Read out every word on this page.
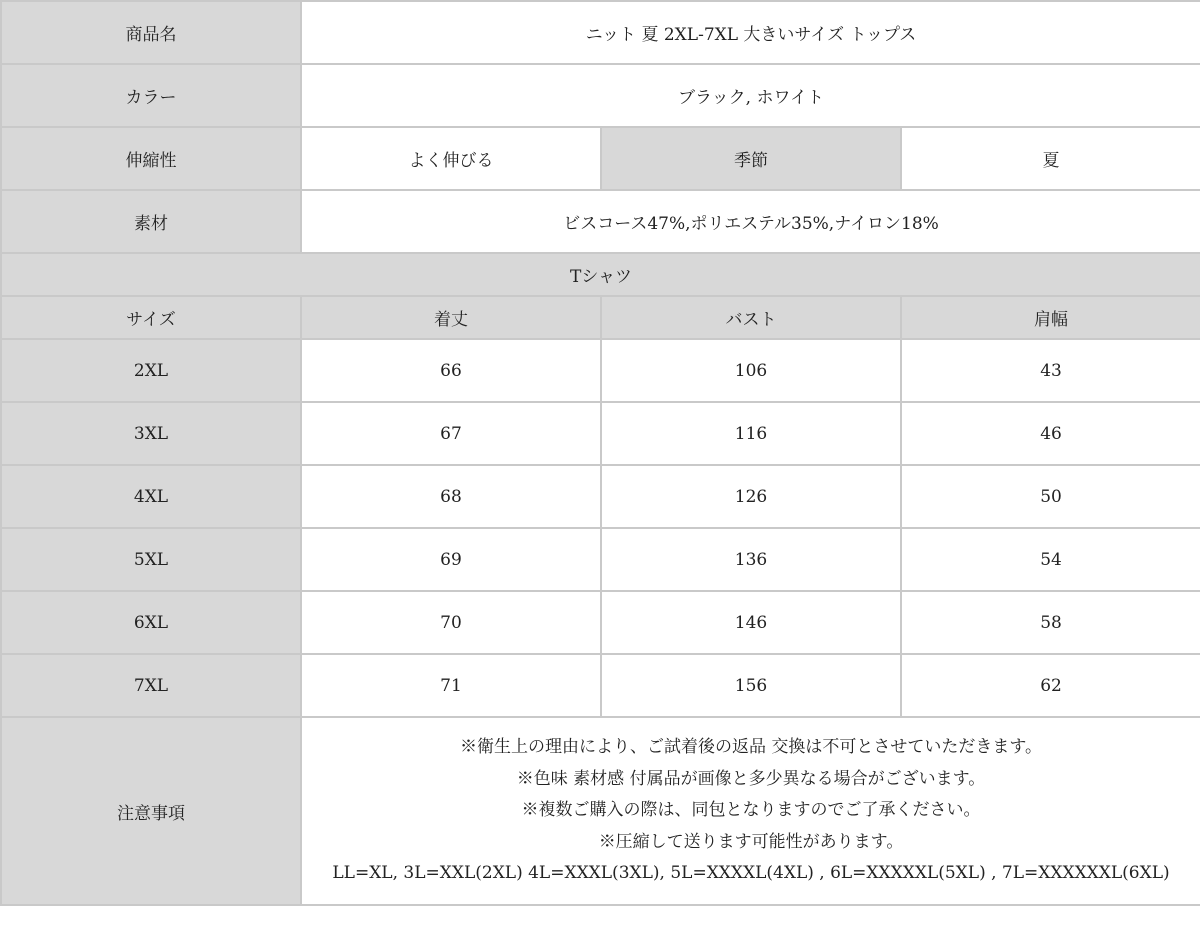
商品名	ニット 夏 2XL-7XL 大きいサイズ トップス		
カラー	ブラック, ホワイト		
伸縮性	よく伸びる	季節	夏
素材	ビスコース47%,ポリエステル35%,ナイロン18%		
Tシャツ			
サイズ	着丈	バスト	肩幅
2XL	66	106	43
3XL	67	116	46
4XL	68	126	50
5XL	69	136	54
6XL	70	146	58
7XL	71	156	62
注意事項	※衛生上の理由により、ご試着後の返品 交換は不可とさせていただきます。
※色味 素材感 付属品が画像と多少異なる場合がございます。
※複数ご購入の際は、同包となりますのでご了承ください。
※圧縮して送ります可能性があります。
LL=XL, 3L=XXL(2XL) 4L=XXXL(3XL), 5L=XXXXL(4XL) , 6L=XXXXXL(5XL) , 7L=XXXXXXL(6XL)		
